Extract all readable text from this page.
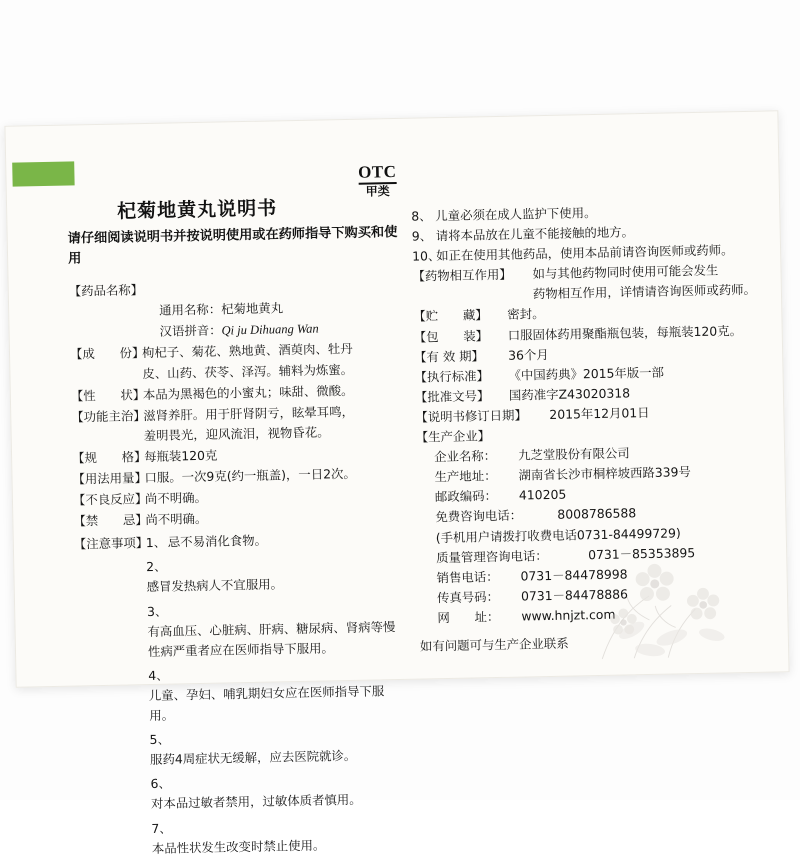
OTC
甲类
杞菊地黄丸说明书
请仔细阅读说明书并按说明使用或在药师指导下购买和使用
【药品名称】
通用名称：杞菊地黄丸
汉语拼音：Qi ju Dihuang Wan
【成　　份】枸杞子、菊花、熟地黄、酒萸肉、牡丹
皮、山药、茯苓、泽泻。辅料为炼蜜。
【性　　状】本品为黑褐色的小蜜丸；味甜、微酸。
【功能主治】滋肾养肝。用于肝肾阴亏，眩晕耳鸣，
羞明畏光，迎风流泪，视物昏花。
【规　　格】每瓶装120克
【用法用量】口服。一次9克(约一瓶盖)，一日2次。
【不良反应】尚不明确。
【禁　　忌】尚不明确。
【注意事项】1、忌不易消化食物。
2、感冒发热病人不宜服用。
3、有高血压、心脏病、肝病、糖尿病、肾病等慢性病严重者应在医师指导下服用。
4、儿童、孕妇、哺乳期妇女应在医师指导下服用。
5、服药4周症状无缓解，应去医院就诊。
6、对本品过敏者禁用，过敏体质者慎用。
7、本品性状发生改变时禁止使用。
8、 儿童必须在成人监护下使用。
9、 请将本品放在儿童不能接触的地方。
10、如正在使用其他药品，使用本品前请咨询医师或药师。
【药物相互作用】 如与其他药物同时使用可能会发生
药物相互作用，详情请咨询医师或药师。
【贮　　藏】 密封。
【包　　装】 口服固体药用聚酯瓶包装，每瓶装120克。
【有 效 期】 36个月
【执行标准】 《中国药典》2015年版一部
【批准文号】 国药准字Z43020318
【说明书修订日期】 2015年12月01日
【生产企业】
企业名称： 九芝堂股份有限公司
生产地址： 湖南省长沙市桐梓坡西路339号
邮政编码： 410205
免费咨询电话：	8008786588
(手机用户请拨打收费电话0731-84499729)
质量管理咨询电话：	0731－85353895
销售电话： 0731－84478998
传真号码： 0731－84478886
网　　址： www.hnjzt.com
如有问题可与生产企业联系
